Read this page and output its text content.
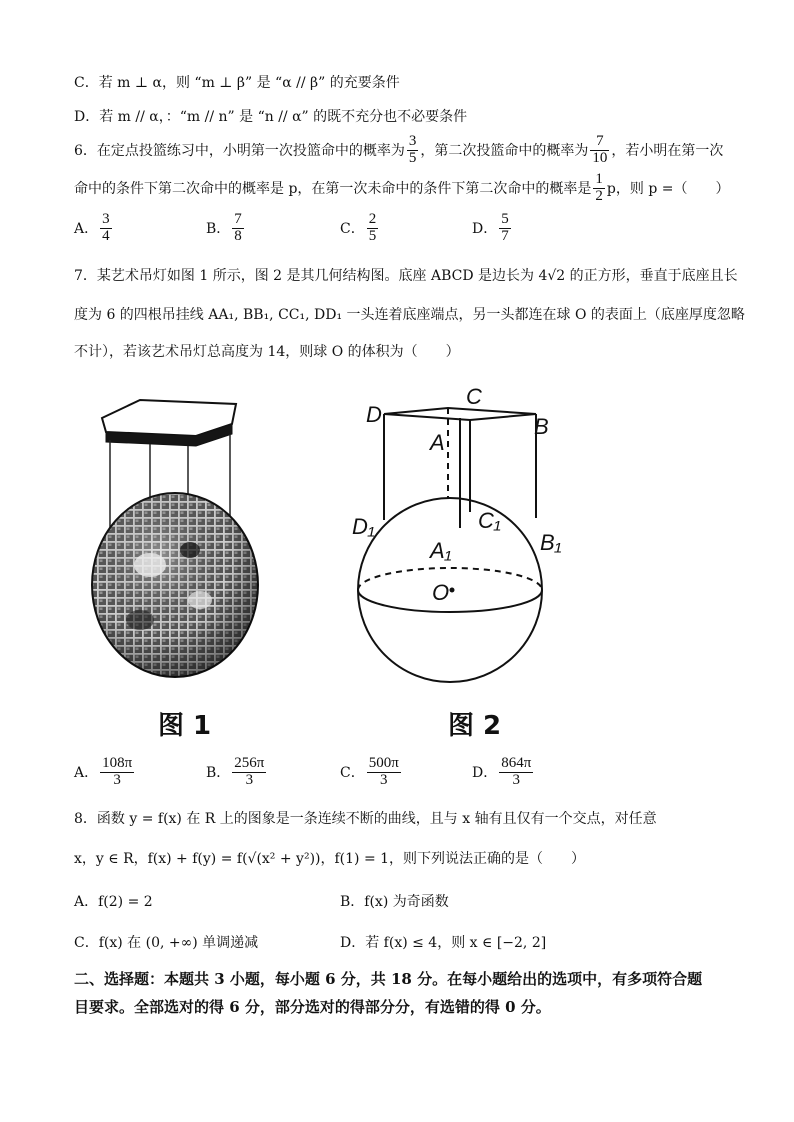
C．若 m ⊥ α，则 “m ⊥ β” 是 “α // β” 的充要条件
D．若 m // α，：“m // n” 是 “n // α” 的既不充分也不必要条件
6．在定点投篮练习中，小明第一次投篮命中的概率为 $\frac{3}{5}$ ，第二次投篮命中的概率为 $\frac{7}{10}$ ，若小明在第一次
命中的条件下第二次命中的概率是 p，在第一次未命中的条件下第二次命中的概率是 $\frac{1}{2}$ p，则 p =（　　）
A． $\frac{3}{4}$	B． $\frac{7}{8}$	C． $\frac{2}{5}$	D． $\frac{5}{7}$
7．某艺术吊灯如图 1 所示，图 2 是其几何结构图。底座 ABCD 是边长为 4√2 的正方形，垂直于底座且长
度为 6 的四根吊挂线 AA₁, BB₁, CC₁, DD₁ 一头连着底座端点，另一头都连在球 O 的表面上（底座厚度忽略
不计），若该艺术吊灯总高度为 14，则球 O 的体积为（　　）
图 1
C
D
A
B
C₁
D₁
A₁	B₁
O
图 2
A． $\frac{108\pi}{3}$	B． $\frac{256\pi}{3}$	C． $\frac{500\pi}{3}$	D． $\frac{864\pi}{3}$
8．函数 y = f(x) 在 R 上的图象是一条连续不断的曲线，且与 x 轴有且仅有一个交点，对任意
x，y ∈ R，f(x) + f(y) = f(√(x² + y²))，f(1) = 1，则下列说法正确的是（　　）
A．f(2) = 2	B．f(x) 为奇函数
C．f(x) 在 (0, +∞) 单调递减	D．若 f(x) ≤ 4，则 x ∈ [−2, 2]
二、选择题：本题共 3 小题，每小题 6 分，共 18 分。在每小题给出的选项中，有多项符合题
目要求。全部选对的得 6 分，部分选对的得部分分，有选错的得 0 分。
